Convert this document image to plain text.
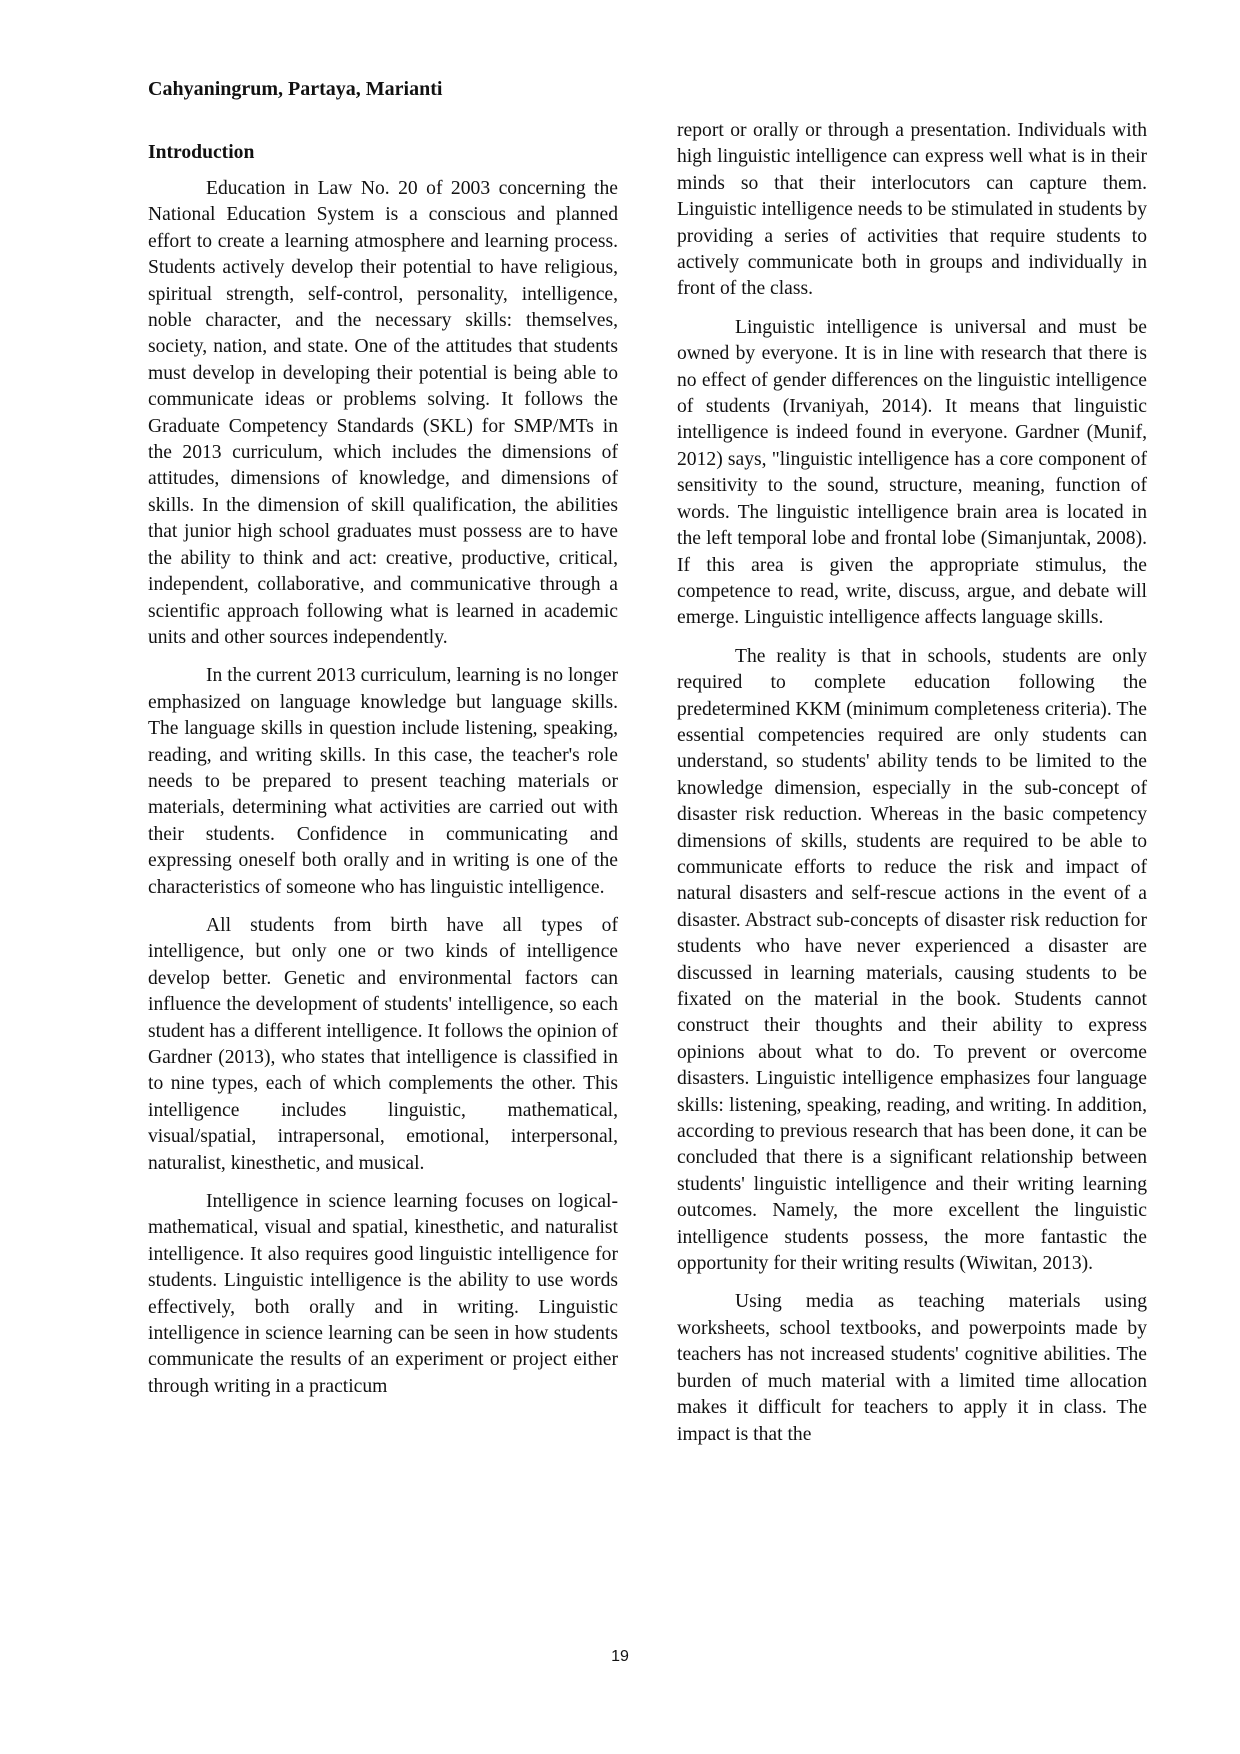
Cahyaningrum, Partaya, Marianti
Introduction

Education in Law No. 20 of 2003 concerning the National Education System is a conscious and planned effort to create a learning atmosphere and learning process. Students actively develop their potential to have religious, spiritual strength, self-control, personality, intelligence, noble character, and the necessary skills: themselves, society, nation, and state. One of the attitudes that students must develop in developing their potential is being able to communicate ideas or problems solving. It follows the Graduate Competency Standards (SKL) for SMP/MTs in the 2013 curriculum, which includes the dimensions of attitudes, dimensions of knowledge, and dimensions of skills. In the dimension of skill qualification, the abilities that junior high school graduates must possess are to have the ability to think and act: creative, productive, critical, independent, collaborative, and communicative through a scientific approach following what is learned in academic units and other sources independently.

In the current 2013 curriculum, learning is no longer emphasized on language knowledge but language skills. The language skills in question include listening, speaking, reading, and writing skills. In this case, the teacher's role needs to be prepared to present teaching materials or materials, determining what activities are carried out with their students. Confidence in communicating and expressing oneself both orally and in writing is one of the characteristics of someone who has linguistic intelligence.

All students from birth have all types of intelligence, but only one or two kinds of intelligence develop better. Genetic and environmental factors can influence the development of students' intelligence, so each student has a different intelligence. It follows the opinion of Gardner (2013), who states that intelligence is classified in to nine types, each of which complements the other. This intelligence includes linguistic, mathematical, visual/spatial, intrapersonal, emotional, interpersonal, naturalist, kinesthetic, and musical.

Intelligence in science learning focuses on logical-mathematical, visual and spatial, kinesthetic, and naturalist intelligence. It also requires good linguistic intelligence for students. Linguistic intelligence is the ability to use words effectively, both orally and in writing. Linguistic intelligence in science learning can be seen in how students communicate the results of an experiment or project either through writing in a practicum

report or orally or through a presentation. Individuals with high linguistic intelligence can express well what is in their minds so that their interlocutors can capture them. Linguistic intelligence needs to be stimulated in students by providing a series of activities that require students to actively communicate both in groups and individually in front of the class.

Linguistic intelligence is universal and must be owned by everyone. It is in line with research that there is no effect of gender differences on the linguistic intelligence of students (Irvaniyah, 2014). It means that linguistic intelligence is indeed found in everyone. Gardner (Munif, 2012) says, "linguistic intelligence has a core component of sensitivity to the sound, structure, meaning, function of words. The linguistic intelligence brain area is located in the left temporal lobe and frontal lobe (Simanjuntak, 2008). If this area is given the appropriate stimulus, the competence to read, write, discuss, argue, and debate will emerge. Linguistic intelligence affects language skills.

The reality is that in schools, students are only required to complete education following the predetermined KKM (minimum completeness criteria). The essential competencies required are only students can understand, so students' ability tends to be limited to the knowledge dimension, especially in the sub-concept of disaster risk reduction. Whereas in the basic competency dimensions of skills, students are required to be able to communicate efforts to reduce the risk and impact of natural disasters and self-rescue actions in the event of a disaster. Abstract sub-concepts of disaster risk reduction for students who have never experienced a disaster are discussed in learning materials, causing students to be fixated on the material in the book. Students cannot construct their thoughts and their ability to express opinions about what to do. To prevent or overcome disasters. Linguistic intelligence emphasizes four language skills: listening, speaking, reading, and writing. In addition, according to previous research that has been done, it can be concluded that there is a significant relationship between students' linguistic intelligence and their writing learning outcomes. Namely, the more excellent the linguistic intelligence students possess, the more fantastic the opportunity for their writing results (Wiwitan, 2013).

Using media as teaching materials using worksheets, school textbooks, and powerpoints made by teachers has not increased students' cognitive abilities. The burden of much material with a limited time allocation makes it difficult for teachers to apply it in class. The impact is that the

19
